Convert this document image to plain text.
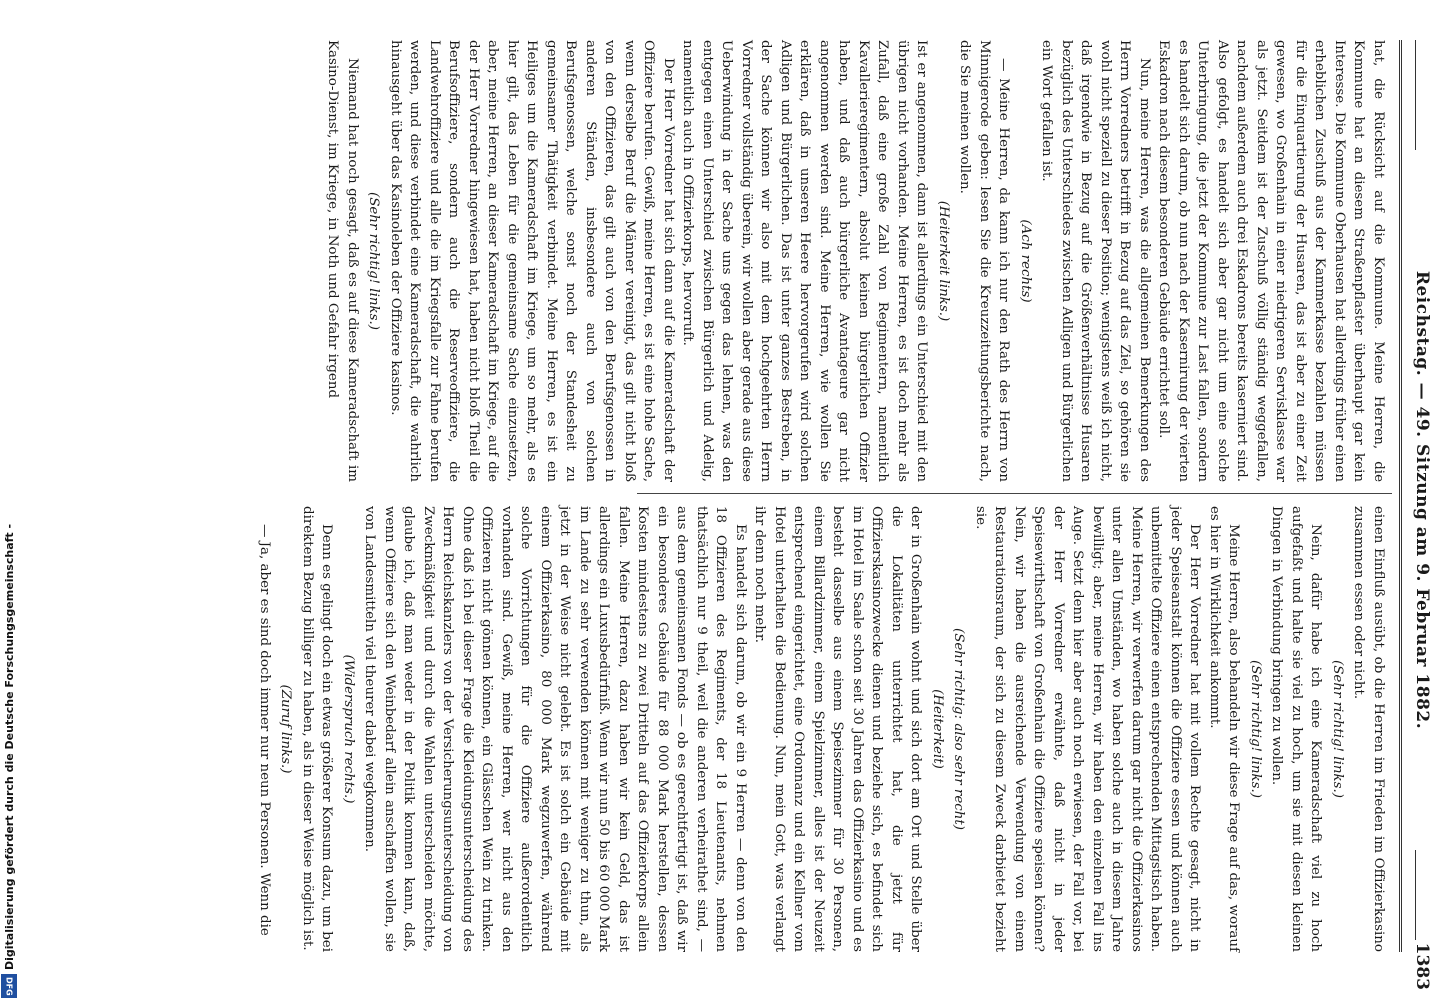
Reichstag. — 49. Sitzung am 9. Februar 1882.
1383

hat, die Rücksicht auf die Kommune. Meine Herren, die Kommune hat an diesem Straßenpflaster überhaupt gar kein Interesse. Die Kommune Oberhausen hat allerdings früher einen erheblichen Zuschuß aus der Kammerkasse bezahlen müssen für die Einquartierung der Husaren, das ist aber zu einer Zeit gewesen, wo Großenhain in einer niedrigeren Servisklasse war als jetzt. Seitdem ist der Zuschuß völlig ständig weggefallen, nachdem außerdem auch drei Eskadrons bereits kaserniert sind. Also gefolgt, es handelt sich aber gar nicht um eine solche Unterbringung, die jetzt der Kommune zur Last fallen, sondern es handelt sich darum, ob nun nach der Kasernirung der vierten Eskadron nach diesem besonderen Gebäude errichtet soll.

Nun, meine Herren, was die allgemeinen Bemerkungen des Herrn Vorredners betrifft in Bezug auf das Ziel, so gehören sie wohl nicht speziell zu dieser Position; wenigstens weiß ich nicht, daß irgendwie in Bezug auf die Größenverhältnisse Husaren bezüglich des Unterschiedes zwischen Adligen und Bürgerlichen ein Wort gefallen ist.

(Ach rechts)

— Meine Herren, da kann ich nur den Rath des Herrn von Minnigerode geben: lesen Sie die Kreuzzeitungsberichte nach, die Sie meinen wollen.

(Heiterkeit links.)

Ist er angenommen, dann ist allerdings ein Unterschied mit den übrigen nicht vorhanden. Meine Herren, es ist doch mehr als Zufall, daß eine große Zahl von Regimentern, namentlich Kavallerieregimentern, absolut keinen bürgerlichen Offizier haben, und daß auch bürgerliche Avantageure gar nicht angenommen werden sind. Meine Herren, wie wollen Sie erklären, daß in unseren Heere hervorgerufen wird solchen Adligen und Bürgerlichen. Das ist unter ganzes Bestreben, in der Sache können wir also mit dem hochgeehrten Herrn Vorredner vollständig überein, wir wollen aber gerade aus diese Ueberwindung in der Sache uns gegen das lehnen, was den entgegen einen Unterschied zwischen Bürgerlich und Adelig, namentlich auch in Offizierkorps, hervorruft.

Der Herr Vorredner hat sich dann auf die Kameradschaft der Offiziere berufen. Gewiß, meine Herren, es ist eine hohe Sache, wenn derselbe Beruf die Männer vereinigt, das gilt nicht bloß von den Offizieren, das gilt auch von den Berufsgenossen in anderen Ständen, insbesondere auch von solchen Berufsgenossen, welche sonst noch der Standesheit zu gemeinsamer Thätigkeit verbindet. Meine Herren, es ist ein Heiliges um die Kameradschaft im Kriege, um so mehr, als es hier gilt, das Leben für die gemeinsame Sache einzusetzen, aber, meine Herren, an dieser Kameradschaft im Kriege, auf die der Herr Vorredner hingewiesen hat, haben nicht bloß Theil die Berufsoffiziere, sondern auch die Reserveoffiziere, die Landwehroffiziere und alle die im Kriegsfalle zur Fahne berufen werden, und diese verbindet eine Kameradschaft, die wahrlich hinausgeht über das Kasinoleben der Offiziere kasinos.

(Sehr richtig! links.)

Niemand hat noch gesagt, daß es auf diese Kameradschaft im Kasino-Dienst, im Kriege, in Noth und Gefahr irgend

einen Einfluß ausübt, ob die Herren im Frieden im Offizierkasino zusammen essen oder nicht.

(Sehr richtig! links.)

Nein, dafür habe ich eine Kameradschaft viel zu hoch aufgefaßt und halte sie viel zu hoch, um sie mit diesen kleinen Dingen in Verbindung bringen zu wollen.

(Sehr richtig! links.)

Meine Herren, also behandeln wir diese Frage auf das, worauf es hier in Wirklichkeit ankommt.

Der Herr Vorredner hat mit vollem Rechte gesagt, nicht in jeder Speiseanstalt können die Offiziere essen und können auch unbemittelte Offiziere einen entsprechenden Mittagstisch haben. Meine Herren, wir verwerfen darum gar nicht die Offizierkasinos unter allen Umständen, wo haben solche auch in diesem Jahre bewilligt; aber, meine Herren, wir haben den einzelnen Fall ins Auge. Setzt denn hier aber auch noch erwiesen, der Fall vor, bei der Herr Vorredner erwähnte, daß nicht in jeder Speisewirthschaft von Großenhain die Offiziere speisen können? Nein, wir haben die ausreichende Verwendung von einem Restaurationsraum, der sich zu diesem Zweck darbietet bezieht sie.

(Sehr richtig: also sehr recht)

(Heiterkeit)

der in Großenhain wohnt und sich dort am Ort und Stelle über die Lokalitäten unterrichtet hat, die jetzt für Offizierskasinozwecke dienen und beziehe sich, es befindet sich im Hotel im Saale schon seit 30 Jahren das Offizierkasino und es besteht dasselbe aus einem Speisezimmer für 30 Personen, einem Billardzimmer, einem Spielzimmer, alles ist der Neuzeit entsprechend eingerichtet, eine Ordonnanz und ein Kellner vom Hotel unterhalten die Bedienung. Nun, mein Gott, was verlangt ihr denn noch mehr.

Es handelt sich darum, ob wir ein 9 Herren — denn von den 18 Offizieren des Regiments, der 18 Lieutenants, nehmen thatsächlich nur 9 theil, weil die anderen verheirathet sind, — aus dem gemeinsamen Fonds — ob es gerechtfertigt ist, daß wir ein besonderes Gebäude für 88 000 Mark herstellen, dessen Kosten mindestens zu zwei Dritteln auf das Offizierkorps allein fallen. Meine Herren, dazu haben wir kein Geld, das ist allerdings ein Luxusbedürfniß. Wenn wir nun 50 bis 60 000 Mark im Lande zu sehr verwenden können mit weniger zu thun, als jetzt in der Weise nicht gelebt. Es ist solch ein Gebäude mit einem Offizierkasino, 80 000 Mark wegzuwerfen, während solche Vorrichtungen für die Offiziere außerordentlich vorhanden sind. Gewiß, meine Herren, wer nicht aus den Offizieren nicht gönnen können, ein Glässchen Wein zu trinken. Ohne daß ich bei dieser Frage die Kleidungsunterscheidung des Herrn Reichskanzlers von der Versicherungsunterscheidung von Zweckmäßigkeit und durch die Wahlen unterscheiden möchte, glaube ich, daß man weder in der Politik kommen kann, daß, wenn Offiziere sich den Weinbedarf allein anschaffen wollen, sie von Landesmitteln viel theurer dabei wegkommen.

(Widerspruch rechts.)

Denn es gelingt doch ein etwas größerer Konsum dazu, um bei direktem Bezug billiger zu haben, als in dieser Weise möglich ist.

(Zuruf links.)

— Ja, aber es sind doch immer nur neun Personen. Wenn die

DFG
Digitalisierung gefördert durch die Deutsche Forschungsgemeinschaft -
